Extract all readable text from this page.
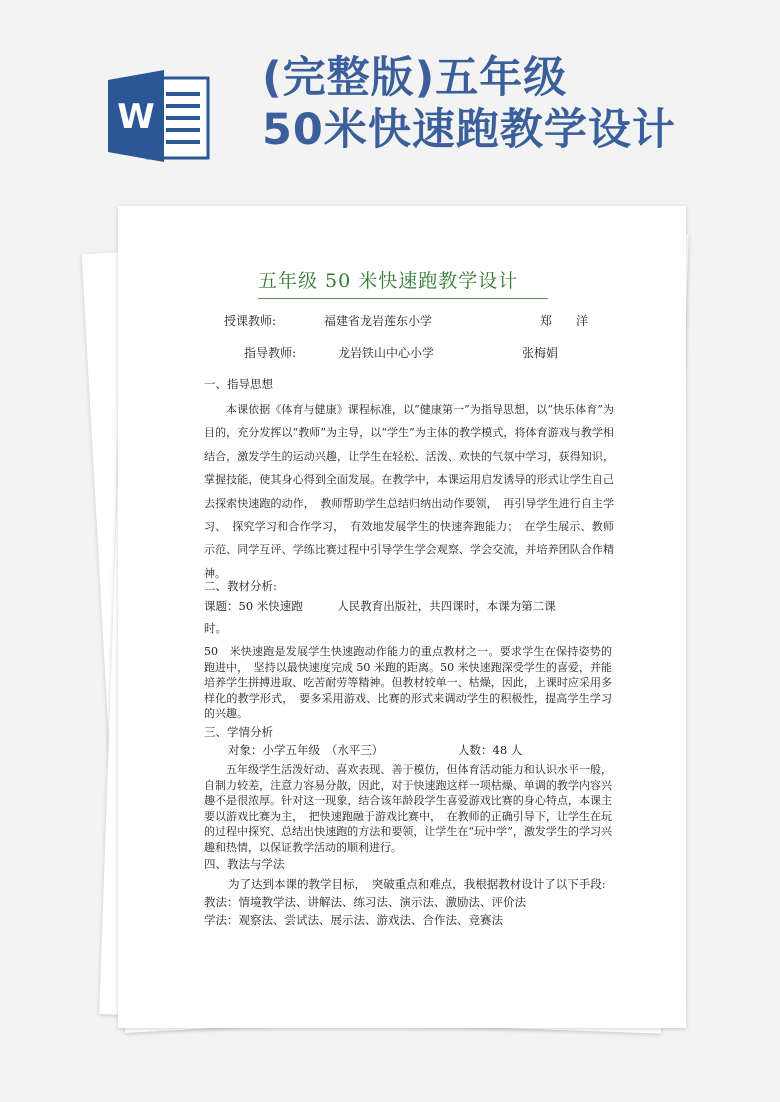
W
(完整版)五年级
50米快速跑教学设计
五年级 50 米快速跑教学设计
授课教师:	福建省龙岩莲东小学	郑　　洋
指导教师:	龙岩铁山中心小学	张梅娟
一、指导思想
本课依据《体育与健康》课程标准，以“健康第一”为指导思想，以“快乐体育”为目的，充分发挥以“教师”为主导，以“学生”为主体的教学模式，将体育游戏与教学相结合，激发学生的运动兴趣，让学生在轻松、活泼、欢快的气氛中学习，获得知识，掌握技能，使其身心得到全面发展。在教学中，本课运用启发诱导的形式让学生自己去探索快速跑的动作，　教师帮助学生总结归纳出动作要领，　再引导学生进行自主学习、　探究学习和合作学习，　有效地发展学生的快速奔跑能力；　在学生展示、教师示范、同学互评、学练比赛过程中引导学生学会观察、学会交流，并培养团队合作精神。
二、教材分析:
课题：50 米快速跑　　　人民教育出版社，共四课时，本课为第二课
时。
50　米快速跑是发展学生快速跑动作能力的重点教材之一。要求学生在保持姿势的跑进中，　坚持以最快速度完成 50 米跑的距离。50 米快速跑深受学生的喜爱，并能培养学生拼搏进取、吃苦耐劳等精神。但教材较单一、枯燥，因此，上课时应采用多样化的教学形式，　要多采用游戏、比赛的形式来调动学生的积极性，提高学生学习的兴趣。
三、学情分析
对象：小学五年级　（水平三）	人数：48 人
五年级学生活泼好动、喜欢表现、善于模仿，但体育活动能力和认识水平一般，自制力较差，注意力容易分散，因此，对于快速跑这样一项枯燥、单调的教学内容兴趣不是很浓厚。针对这一现象，结合该年龄段学生喜爱游戏比赛的身心特点，本课主要以游戏比赛为主，　把快速跑融于游戏比赛中，　在教师的正确引导下，让学生在玩的过程中探究、总结出快速跑的方法和要领，让学生在“玩中学”，激发学生的学习兴趣和热情，以保证教学活动的顺利进行。
四、教法与学法
为了达到本课的教学目标，　突破重点和难点，我根据教材设计了以下手段:
教法：情境教学法、讲解法、练习法、演示法、激励法、评价法
学法：观察法、尝试法、展示法、游戏法、合作法、竞赛法
